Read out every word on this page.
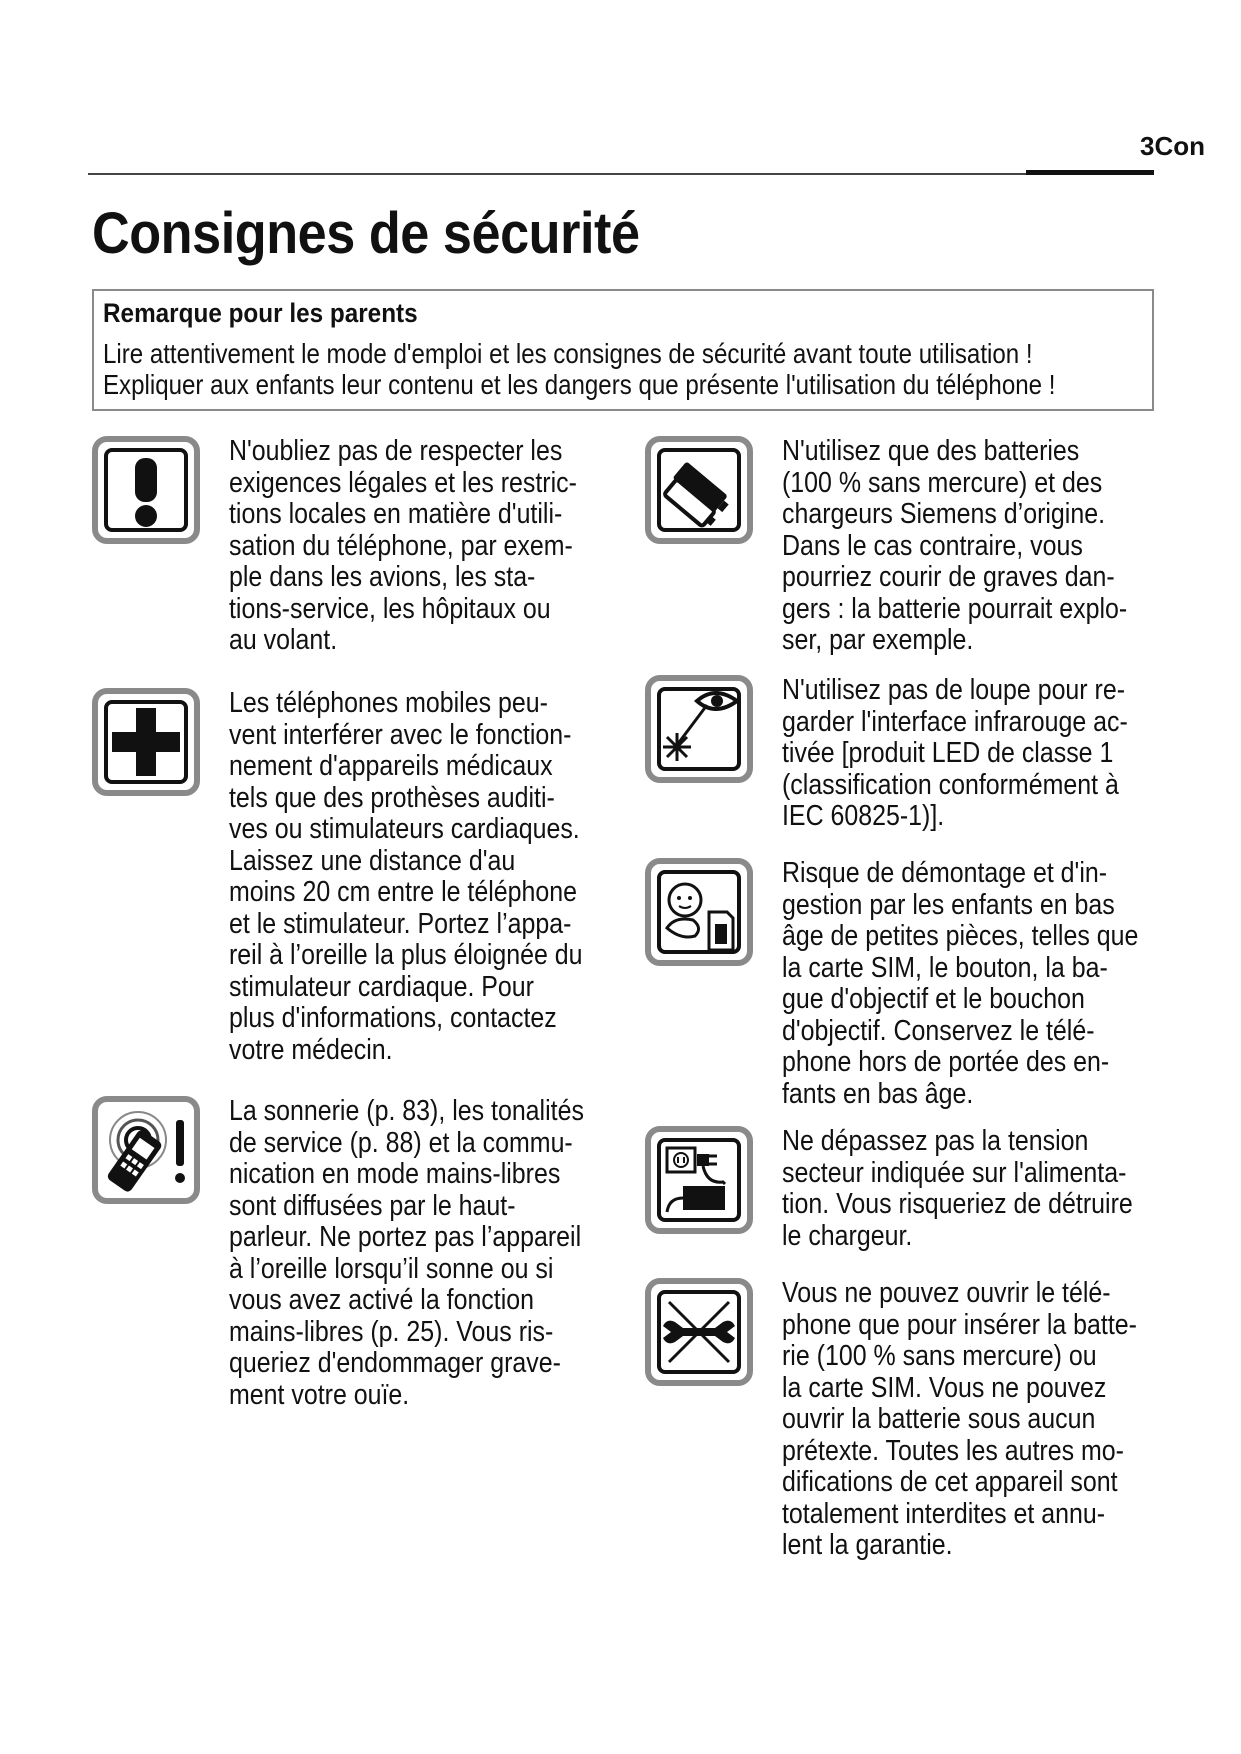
3Con
Consignes de sécurité

Remarque pour les parents

Lire attentivement le mode d'emploi et les consignes de sécurité avant toute utilisation !

Expliquer aux enfants leur contenu et les dangers que présente l'utilisation du téléphone !

N'oubliez pas de respecter les
exigences légales et les restric-
tions locales en matière d'utili-
sation du téléphone, par exem-
ple dans les avions, les sta-
tions-service, les hôpitaux ou
au volant.

Les téléphones mobiles peu-
vent interférer avec le fonction-
nement d'appareils médicaux
tels que des prothèses auditi-
ves ou stimulateurs cardiaques.
Laissez une distance d'au
moins 20 cm entre le téléphone
et le stimulateur. Portez l’appa-
reil à l’oreille la plus éloignée du
stimulateur cardiaque. Pour
plus d'informations, contactez
votre médecin.

La sonnerie (p. 83), les tonalités
de service (p. 88) et la commu-
nication en mode mains-libres
sont diffusées par le haut-
parleur. Ne portez pas l’appareil
à l’oreille lorsqu’il sonne ou si
vous avez activé la fonction
mains-libres (p. 25). Vous ris-
queriez d'endommager grave-
ment votre ouïe.

N'utilisez que des batteries
(100 % sans mercure) et des
chargeurs Siemens d’origine.
Dans le cas contraire, vous
pourriez courir de graves dan-
gers : la batterie pourrait explo-
ser, par exemple.

N'utilisez pas de loupe pour re-
garder l'interface infrarouge ac-
tivée [produit LED de classe 1
(classification conformément à
IEC 60825-1)].

Risque de démontage et d'in-
gestion par les enfants en bas
âge de petites pièces, telles que
la carte SIM, le bouton, la ba-
gue d'objectif et le bouchon
d'objectif. Conservez le télé-
phone hors de portée des en-
fants en bas âge.

Ne dépassez pas la tension
secteur indiquée sur l'alimenta-
tion. Vous risqueriez de détruire
le chargeur.

Vous ne pouvez ouvrir le télé-
phone que pour insérer la batte-
rie (100 % sans mercure) ou
la carte SIM. Vous ne pouvez
ouvrir la batterie sous aucun
prétexte. Toutes les autres mo-
difications de cet appareil sont
totalement interdites et annu-
lent la garantie.
